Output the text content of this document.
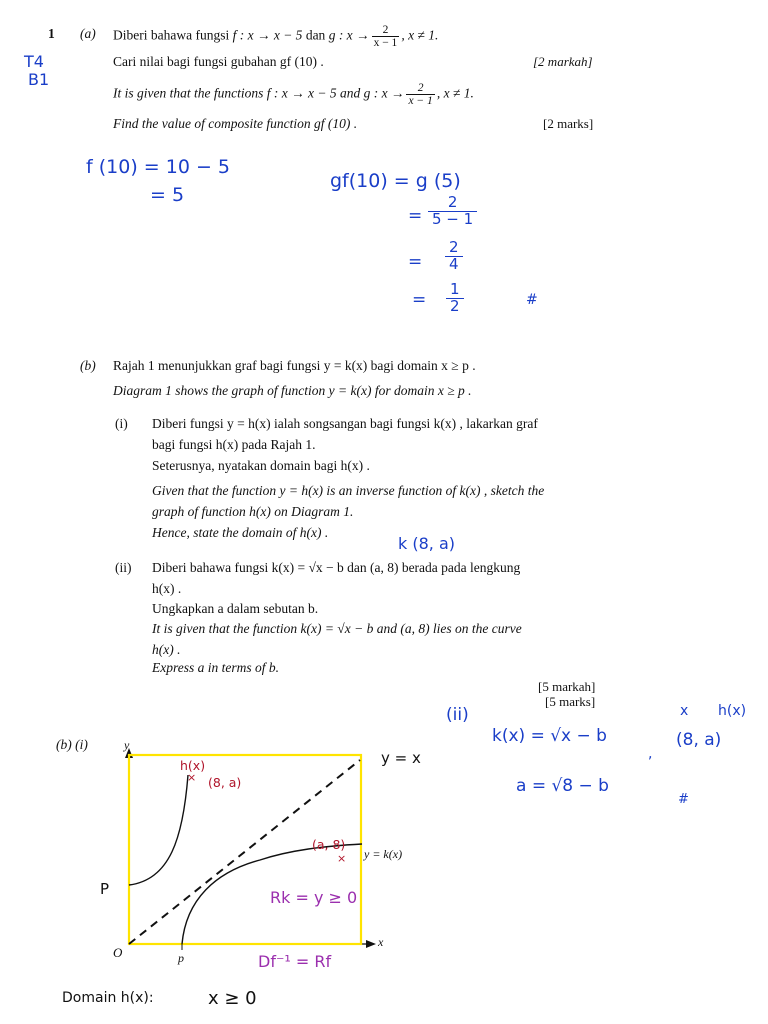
1 (a) Diberi bahawa fungsi f : x → x − 5 dan g : $x \to \frac{2}{x - 1}$ , x ≠ 1.
Cari nilai bagi fungsi gubahan gf (10) .	[2 markah]
It is given that the functions f : x → x − 5 and g : $x \to \frac{2}{x - 1}$ , x ≠ 1.
Find the value of composite function gf (10) .	[2 marks]
T4
B1
f (10) = 10 − 5
= 5
gf(10) = g (5)
=
2
5 − 1
=
2
4
=
1
2	#
(b) Rajah 1 menunjukkan graf bagi fungsi y = k(x) bagi domain x ≥ p .
Diagram 1 shows the graph of function y = k(x) for domain x ≥ p .
(i) Diberi fungsi y = h(x) ialah songsangan bagi fungsi k(x) , lakarkan graf
bagi fungsi h(x) pada Rajah 1.
Seterusnya, nyatakan domain bagi h(x) .
Given that the function y = h(x) is an inverse function of k(x) , sketch the
graph of function h(x) on Diagram 1.
Hence, state the domain of h(x) .
k (8, a)
(ii) Diberi bahawa fungsi k(x) = √x − b dan (a, 8) berada pada lengkung
h(x) .
Ungkapkan a dalam sebutan b.
It is given that the function k(x) = √x − b and (a, 8) lies on the curve
h(x) .
Express a in terms of b.
[5 markah]
[5 marks]
(ii)
k(x) = √x − b
,
a = √8 − b
x h(x)
(8, a)
#
(b) (i)
×
×
y
x
O	p
y = k(x)
y = x
h(x)
(8, a)
(a, 8)
P	Rk = y ≥ 0
Df⁻¹ = Rf
Domain h(x):	x ≥ 0
